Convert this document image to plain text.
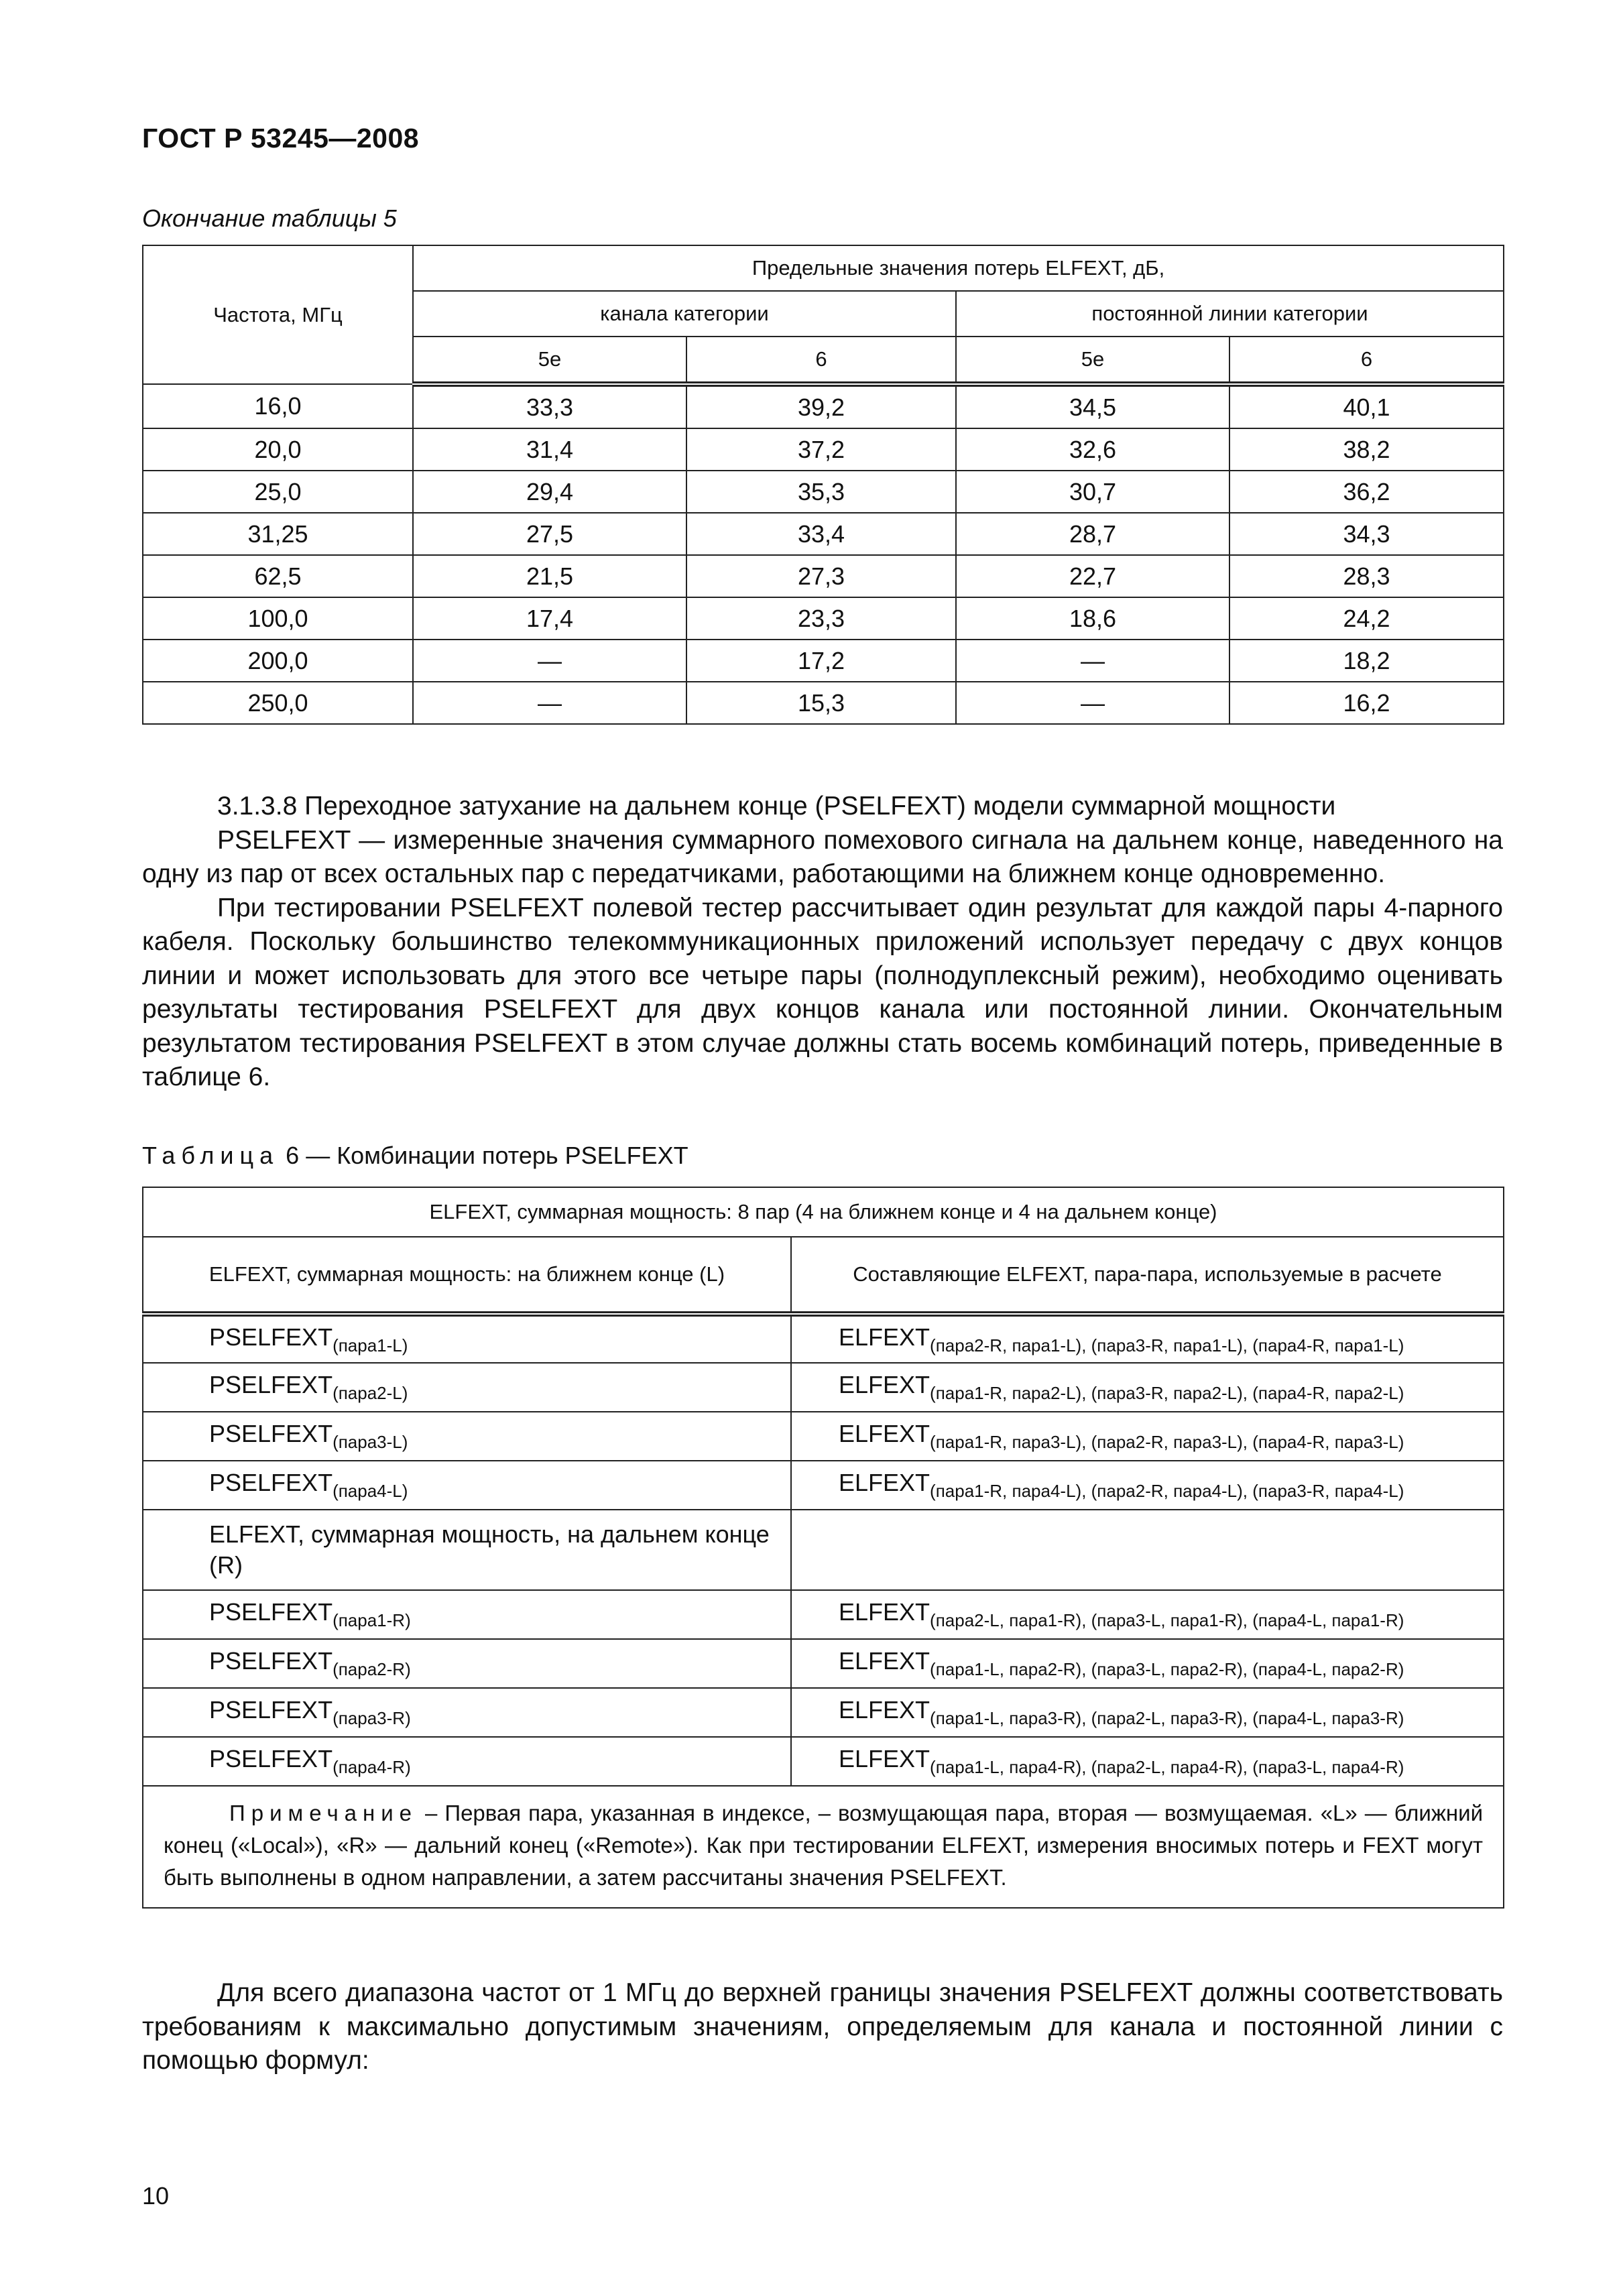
ГОСТ Р 53245—2008
Окончание таблицы 5
Частота, МГц	Предельные значения потерь ELFEXT, дБ,			
	канала категории		постоянной линии категории	
	5е	6	5е	6
16,0	33,3	39,2	34,5	40,1
20,0	31,4	37,2	32,6	38,2
25,0	29,4	35,3	30,7	36,2
31,25	27,5	33,4	28,7	34,3
62,5	21,5	27,3	22,7	28,3
100,0	17,4	23,3	18,6	24,2
200,0	—	17,2	—	18,2
250,0	—	15,3	—	16,2
3.1.3.8 Переходное затухание на дальнем конце (PSELFEXT) модели суммарной мощности
PSELFEXT — измеренные значения суммарного помехового сигнала на дальнем конце, наведенного на одну из пар от всех остальных пар с передатчиками, работающими на ближнем конце одновременно.
При тестировании PSELFEXT полевой тестер рассчитывает один результат для каждой пары 4-парного кабеля. Поскольку большинство телекоммуникационных приложений использует передачу с двух концов линии и может использовать для этого все четыре пары (полнодуплексный режим), необходимо оценивать результаты тестирования PSELFEXT для двух концов канала или постоянной линии. Окончательным результатом тестирования PSELFEXT в этом случае должны стать восемь комбинаций потерь, приведенные в таблице 6.
Таблица 6 — Комбинации потерь PSELFEXT
ELFEXT, суммарная мощность: 8 пар (4 на ближнем конце и 4 на дальнем конце)	
ELFEXT, суммарная мощность: на ближнем конце (L)	Составляющие ELFEXT, пара-пара, используемые в расчете
$PSELFEXT_{(пара1-L)}$	$ELFEXT_{(пара2-R, пара1-L), (пара3-R, пара1-L), (пара4-R, пара1-L)}$
$PSELFEXT_{(пара2-L)}$	$ELFEXT_{(пара1-R, пара2-L), (пара3-R, пара2-L), (пара4-R, пара2-L)}$
$PSELFEXT_{(пара3-L)}$	$ELFEXT_{(пара1-R, пара3-L), (пара2-R, пара3-L), (пара4-R, пара3-L)}$
$PSELFEXT_{(пара4-L)}$	$ELFEXT_{(пара1-R, пара4-L), (пара2-R, пара4-L), (пара3-R, пара4-L)}$
ELFEXT, суммарная мощность, на дальнем конце (R)	
$PSELFEXT_{(пара1-R)}$	$ELFEXT_{(пара2-L, пара1-R), (пара3-L, пара1-R), (пара4-L, пара1-R)}$
$PSELFEXT_{(пара2-R)}$	$ELFEXT_{(пара1-L, пара2-R), (пара3-L, пара2-R), (пара4-L, пара2-R)}$
$PSELFEXT_{(пара3-R)}$	$ELFEXT_{(пара1-L, пара3-R), (пара2-L, пара3-R), (пара4-L, пара3-R)}$
$PSELFEXT_{(пара4-R)}$	$ELFEXT_{(пара1-L, пара4-R), (пара2-L, пара4-R), (пара3-L, пара4-R)}$

Примечание – Первая пара, указанная в индексе, – возмущающая пара, вторая — возмущаемая. «L» — ближний конец («Local»), «R» — дальний конец («Remote»). Как при тестировании ELFEXT, измерения вносимых потерь и FEXT могут быть выполнены в одном направлении, а затем рассчитаны значения PSELFEXT.	
Для всего диапазона частот от 1 МГц до верхней границы значения PSELFEXT должны соответствовать требованиям к максимально допустимым значениям, определяемым для канала и постоянной линии с помощью формул:
10
